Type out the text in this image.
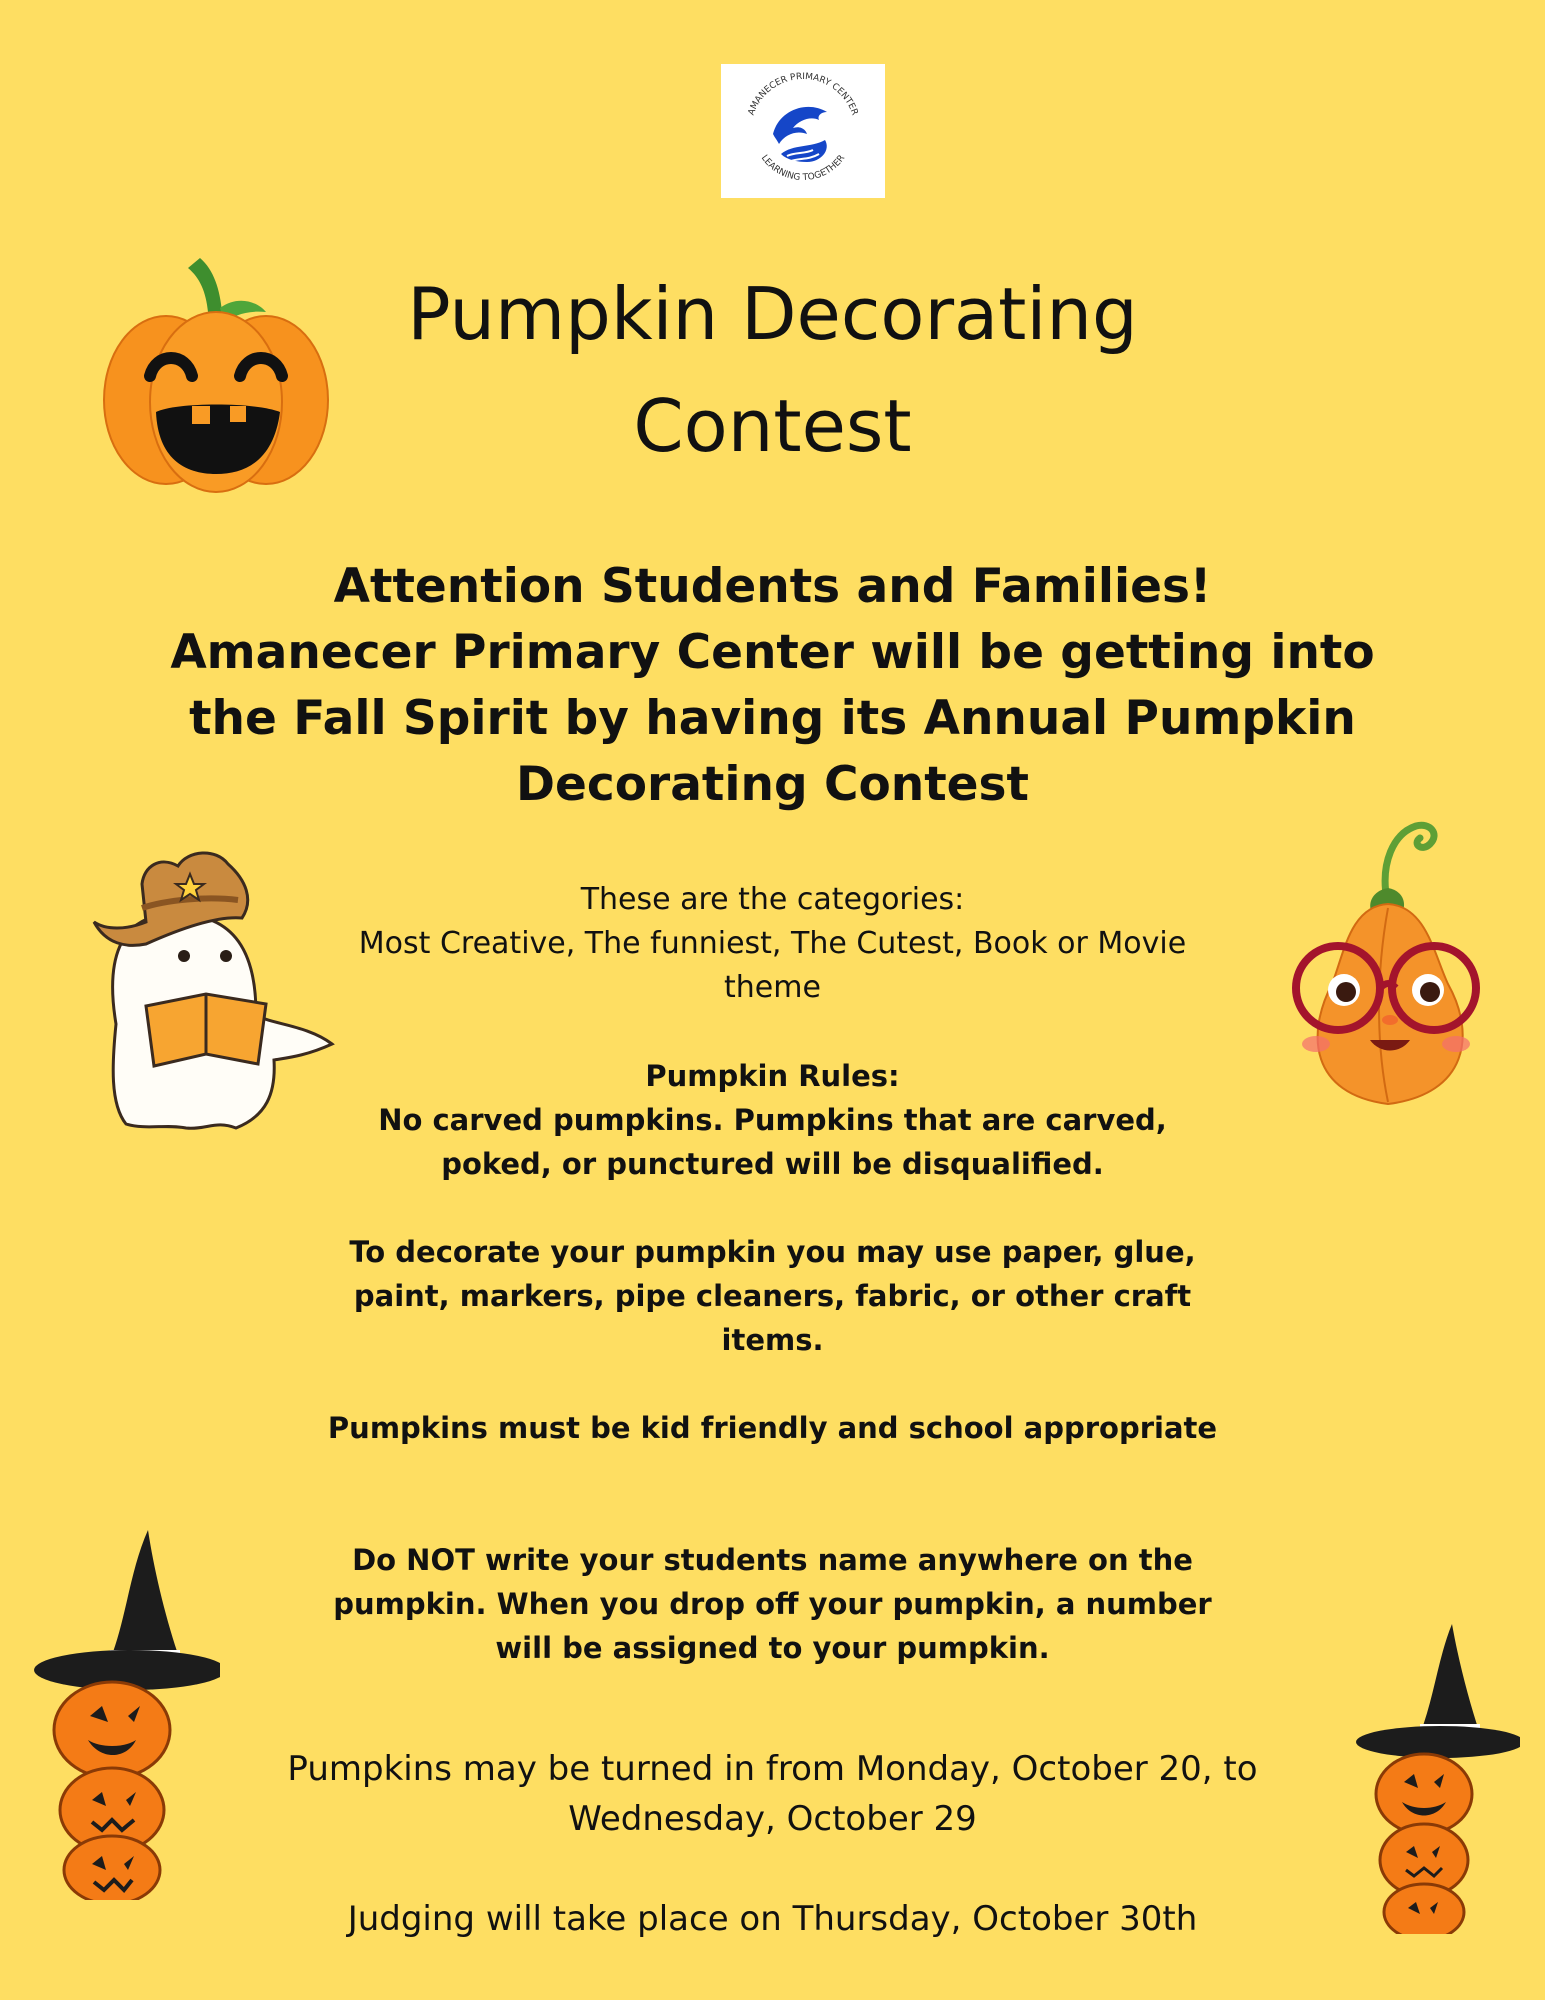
AMANECER PRIMARY CENTER
LEARNING TOGETHER

Pumpkin Decorating

Contest

Attention Students and Families!

Amanecer Primary Center will be getting into

the Fall Spirit by having its Annual Pumpkin

Decorating Contest

These are the categories:

Most Creative, The funniest, The Cutest, Book or Movie

theme

Pumpkin Rules:

No carved pumpkins. Pumpkins that are carved,

poked, or punctured will be disqualified.

To decorate your pumpkin you may use paper, glue,

paint, markers, pipe cleaners, fabric, or other craft

items.

Pumpkins must be kid friendly and school appropriate

Do NOT write your students name anywhere on the

pumpkin. When you drop off your pumpkin, a number

will be assigned to your pumpkin.

Pumpkins may be turned in from Monday, October 20, to

Wednesday, October 29

Judging will take place on Thursday, October 30th
